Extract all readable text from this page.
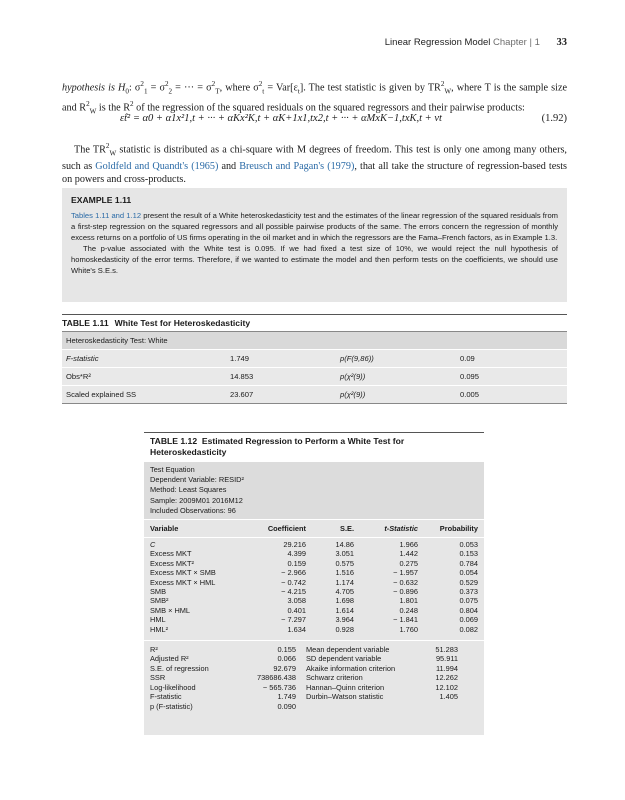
Linear Regression Model Chapter | 1 33

hypothesis is $H_0$: $\sigma^2_1 = \sigma^2_2$ = ··· = $\sigma^2_T$, where $\sigma^2_t = Var[\varepsilon_t]$. The test statistic is given by $TR^2_W$, where T is the sample size and $R^2_W$ is the $R^2$ of the regression of the squared residuals on the squared regressors and their pairwise products:

ε̂t² = α0 + α1x²1,t + ··· + αKx²K,t + αK+1x1,tx2,t + ··· + αMxK−1,txK,t + vt	(1.92)

The $TR^2_W$ statistic is distributed as a chi-square with M degrees of freedom. This test is only one among many others, such as Goldfeld and Quandt's (1965) and Breusch and Pagan's (1979), that all take the structure of regression-based tests on powers and cross-products.

EXAMPLE 1.11

Tables 1.11 and 1.12 present the result of a White heteroskedasticity test and the estimates of the linear regression of the squared residuals from a first-step regression on the squared regressors and all possible pairwise products of the same. The errors concern the regression of monthly excess returns on a portfolio of US firms operating in the oil market and in which the regressors are the Fama–French factors, as in Example 1.3.

The p-value associated with the White test is 0.095. If we had fixed a test size of 10%, we would reject the null hypothesis of homoskedasticity of the error terms. Therefore, if we wanted to estimate the model and then perform tests on the coefficients, we should use White's S.E.s.

TABLE 1.11 White Test for Heteroskedasticity
Heteroskedasticity Test: White
F-statistic	1.749	p(F(9,86))	0.09
Obs*R²	14.853	p(χ²(9))	0.095
Scaled explained SS	23.607	p(χ²(9))	0.005
TABLE 1.12 Estimated Regression to Perform a White Test for Heteroskedasticity
Test Equation
Dependent Variable: RESID²
Method: Least Squares
Sample: 2009M01 2016M12
Included Observations: 96
Variable	Coefficient	S.E.	t-Statistic	Probability
C	29.216	14.86	1.966	0.053
Excess MKT	4.399	3.051	1.442	0.153
Excess MKT²	0.159	0.575	0.275	0.784
Excess MKT × SMB	− 2.966	1.516	− 1.957	0.054
Excess MKT × HML	− 0.742	1.174	− 0.632	0.529
SMB	− 4.215	4.705	− 0.896	0.373
SMB²	3.058	1.698	1.801	0.075
SMB × HML	0.401	1.614	0.248	0.804
HML	− 7.297	3.964	− 1.841	0.069
HML²	1.634	0.928	1.760	0.082
R²	0.155 Mean dependent variable	51.283
Adjusted R²	0.066 SD dependent variable	95.911
S.E. of regression	92.679 Akaike information criterion	11.994
SSR	738686.438 Schwarz criterion	12.262
Log-likelihood	− 565.736 Hannan–Quinn criterion	12.102
F-statistic	1.749 Durbin–Watson statistic	1.405
p (F-statistic)	0.090
